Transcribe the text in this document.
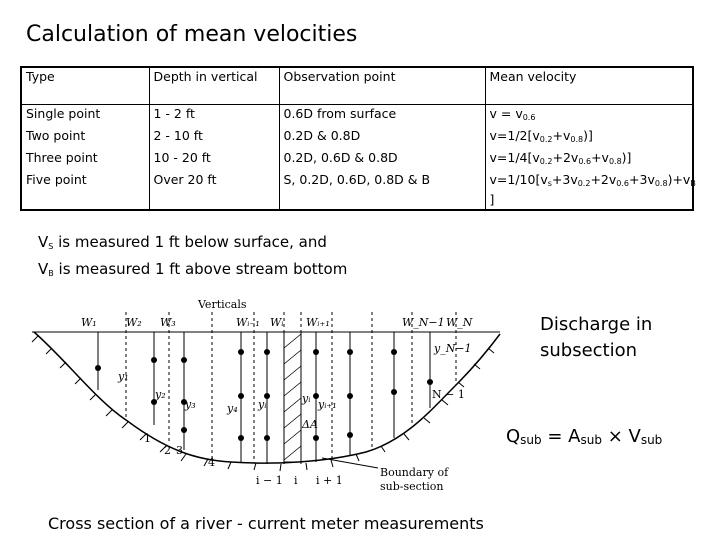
Calculation of mean velocities
Type	Depth in vertical	Observation point	Mean velocity
Single point	1 - 2 ft	0.6D from surface	$v = v_{0.6}$
Two point	2 - 10 ft	0.2D & 0.8D	$v=1/2[v_{0.2}+v_{0.8})$]
Three point	10 - 20 ft	0.2D, 0.6D & 0.8D	$v=1/4[v_{0.2}+2v_{0.6}+v_{0.8})$]
Five point	Over 20 ft	S, 0.2D, 0.6D, 0.8D & B	$v=1/10[v_s+3v_{0.2}+2v_{0.6}+3v_{0.8})+v_B$ ]
$V_S$ is measured 1 ft below surface, and
$V_B$ is measured 1 ft above stream bottom
Verticals
W₁	W₂ W₃	Wᵢ₋₁ Wᵢ Wᵢ₊₁	W_N−1 W_N
y₁
y₂
y₃	y₄ yᵢ	yᵢ yᵢ₊₁
y_N−1
ΔA
1
2 3
4
i − 1 i i + 1
N − 1
Boundary of
sub-section
Discharge in
subsection
$Q_{sub} = A_{sub} \times V_{sub}$
Cross section of a river - current meter measurements
